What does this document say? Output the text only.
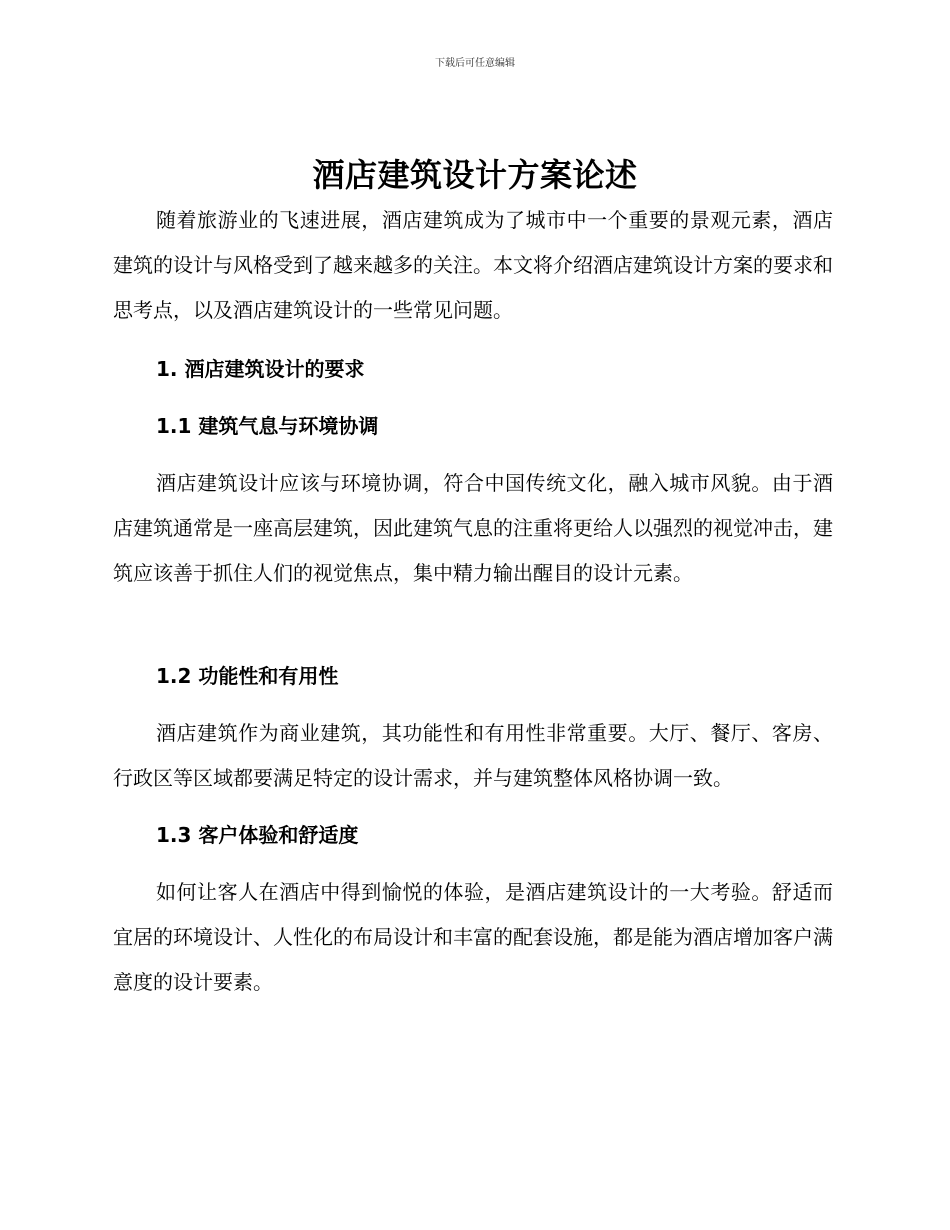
下载后可任意编辑
酒店建筑设计方案论述

随着旅游业的飞速进展，酒店建筑成为了城市中一个重要的景观元素，酒店建筑的设计与风格受到了越来越多的关注。本文将介绍酒店建筑设计方案的要求和思考点，以及酒店建筑设计的一些常见问题。

1. 酒店建筑设计的要求
1.1 建筑气息与环境协调

酒店建筑设计应该与环境协调，符合中国传统文化，融入城市风貌。由于酒店建筑通常是一座高层建筑，因此建筑气息的注重将更给人以强烈的视觉冲击，建筑应该善于抓住人们的视觉焦点，集中精力输出醒目的设计元素。

1.2 功能性和有用性

酒店建筑作为商业建筑，其功能性和有用性非常重要。大厅、餐厅、客房、行政区等区域都要满足特定的设计需求，并与建筑整体风格协调一致。

1.3 客户体验和舒适度

如何让客人在酒店中得到愉悦的体验，是酒店建筑设计的一大考验。舒适而宜居的环境设计、人性化的布局设计和丰富的配套设施，都是能为酒店增加客户满意度的设计要素。
